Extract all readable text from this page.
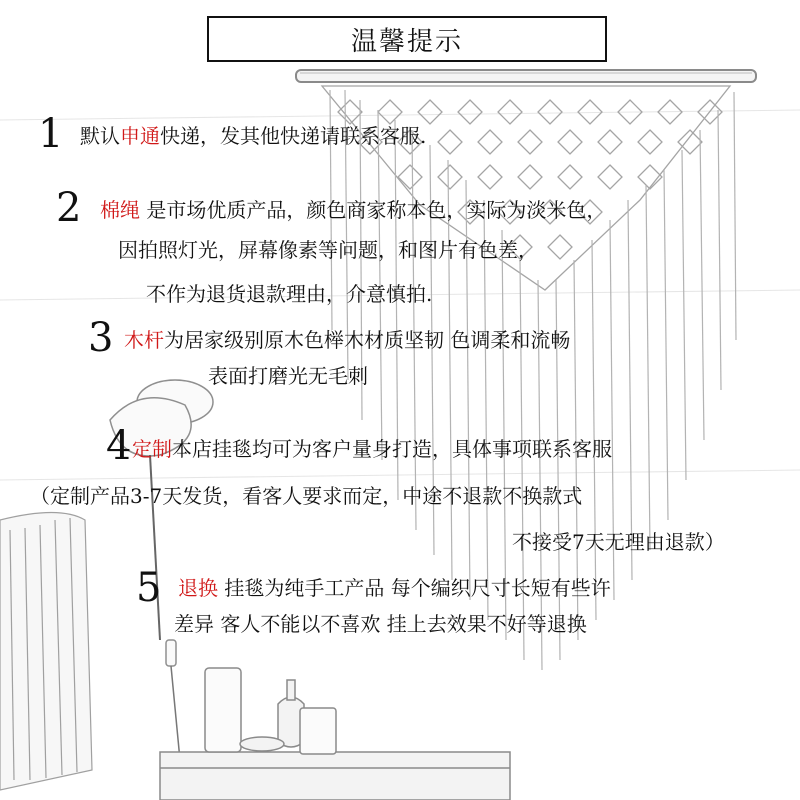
温馨提示
1 默认申通快递，发其他快递请联系客服.
2 棉绳 是市场优质产品，颜色商家称本色，实际为淡米色，
因拍照灯光，屏幕像素等问题，和图片有色差，
不作为退货退款理由，介意慎拍.
3 木杆为居家级别原木色榉木材质坚韧 色调柔和流畅
表面打磨光无毛刺
4 定制本店挂毯均可为客户量身打造，具体事项联系客服
（定制产品3-7天发货，看客人要求而定，中途不退款不换款式
不接受7天无理由退款）
5 退换 挂毯为纯手工产品 每个编织尺寸长短有些许
差异 客人不能以不喜欢 挂上去效果不好等退换
